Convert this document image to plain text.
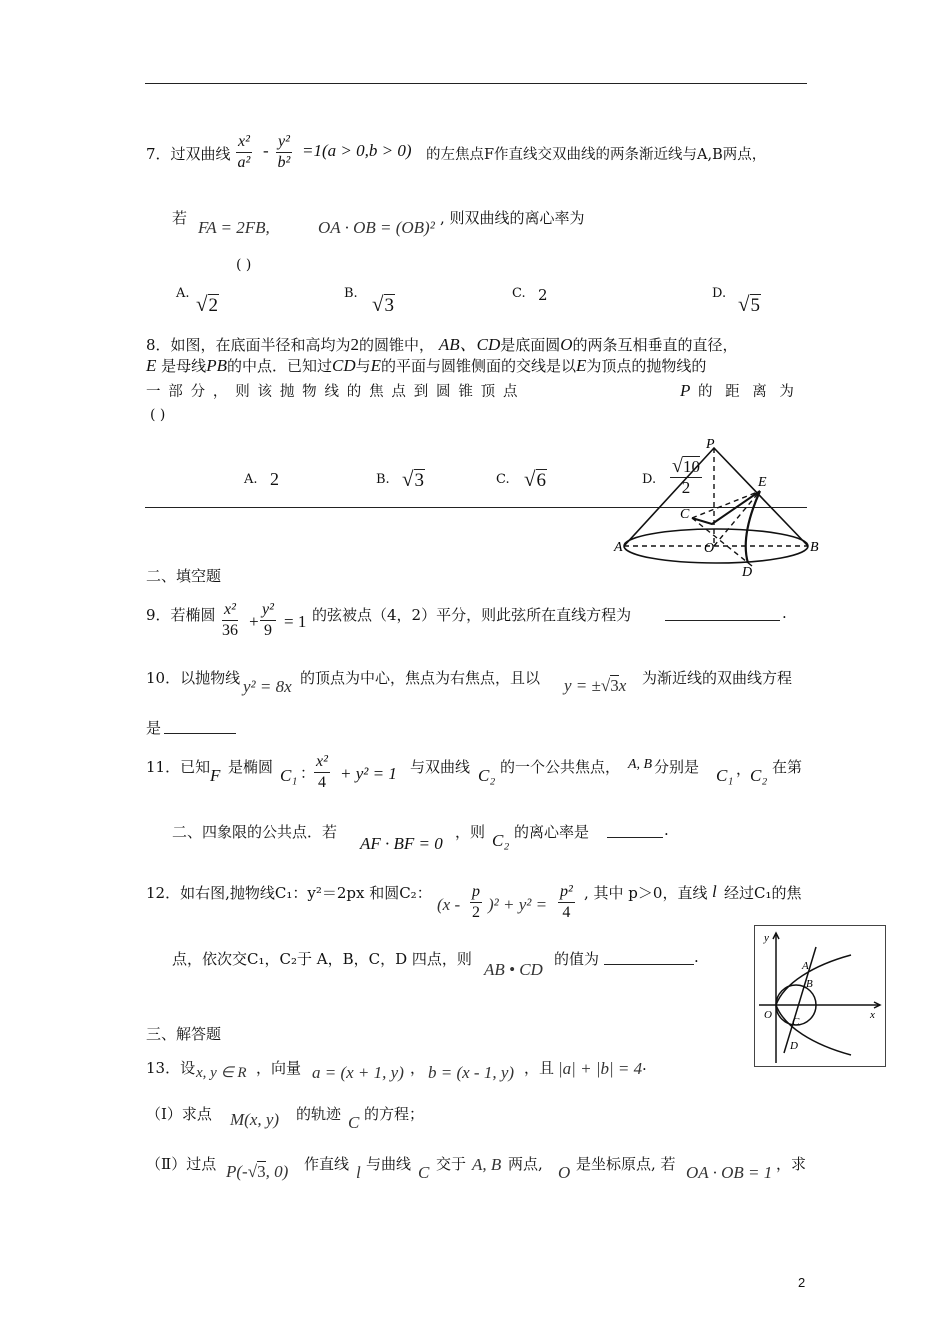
7．过双曲线 $\frac{\text{x²}}{\text{a²}} - \frac{\text{y²}}{\text{b²}} =1(a > 0,b > 0)$ 的左焦点F作直线交双曲线的两条渐近线与A,B两点，
若 FA = 2FB,	OA · OB = (OB)² , 则双曲线的离心率为
( )
A. √2
B. √3
C. 2	D. √5
8．如图，在底面半径和高均为2的圆锥中， AB、CD是底面圆O的两条互相垂直的直径，
E 是母线PB的中点．已知过CD与E的平面与圆锥侧面的交线是以E为顶点的抛物线的
一 部 分 ， 则 该 抛 物 线 的 焦 点 到 圆 锥 顶 点	P 的 距 离 为
( )
A. 2	B. √3	C. √6	D. $\frac{√10}{2}$
P
E
C
O
A	B
D
二、填空题
9．若椭圆 $\frac{\text{x²}}{36} + \frac{\text{y²}}{9} = 1$ 的弦被点（4，2）平分，则此弦所在直线方程为	.
10．以抛物线 y² = 8x 的顶点为中心，焦点为右焦点，且以 y = ±√3x 为渐近线的双曲线方程
是
11．已知 F 是椭圆 C₁ ：
$\frac{\text{x²}}{4} + y^2 = 1$ 与双曲线 C₂ 的一个公共焦点， A, B 分别是 C₁ ，
C₂ 在第
二、四象限的公共点．若
AF · BF = 0
，则 C₂ 的离心率是	.
12．如右图,抛物线C₁：y²＝2px 和圆C₂：
$(x - \frac{p}{2} )^2 + y^2 = \frac{\text{p²}}{4}$ , 其中 p＞0，直线 l 经过C₁的焦
点，依次交C₁，C₂于 A，B，C，D 四点，则
AB • CD
的值为	.
y
x
A
B
O
C
D
三、解答题
13．设 x, y ∈ R ，向量 a = (x + 1, y) ， b = (x - 1, y) ，且 |a| + |b| = 4 ·
（Ⅰ）求点 M(x, y) 的轨迹 C 的方程；
（Ⅱ）过点 P(-√3, 0) 作直线 l 与曲线 C 交于 A, B 两点, O 是坐标原点, 若 OA · OB = 1 ，求
2
